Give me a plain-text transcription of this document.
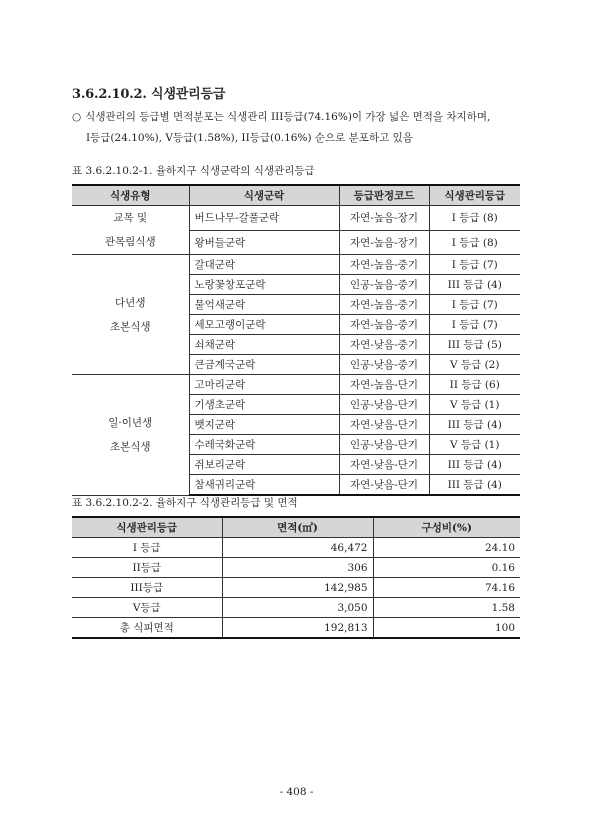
3.6.2.10.2. 식생관리등급
○ 식생관리의 등급별 면적분포는 식생관리 III등급(74.16%)이 가장 넓은 면적을 차지하며,
I등급(24.10%), V등급(1.58%), II등급(0.16%) 순으로 분포하고 있음
표 3.6.2.10.2-1. 율하지구 식생군락의 식생관리등급
식생유형	식생군락	등급판정코드	식생관리등급

교목 및
관목림식생	버드나무-갈풀군락	자연-높음-장기	I 등급 (8)
	왕버들군락	자연-높음-장기	I 등급 (8)

다년생
초본식생	갈대군락	자연-높음-중기	I 등급 (7)
	노랑꽃창포군락	인공-높음-중기	III 등급 (4)
	물억새군락	자연-높음-중기	I 등급 (7)
	세모고랭이군락	자연-높음-중기	I 등급 (7)
	쇠채군락	자연-낮음-중기	III 등급 (5)
	큰금계국군락	인공-낮음-중기	V 등급 (2)

일·이년생
초본식생	고마리군락	자연-높음-단기	II 등급 (6)
	기생초군락	인공-낮음-단기	V 등급 (1)
	뱃지군락	자연-낮음-단기	III 등급 (4)
	수레국화군락	인공-낮음-단기	V 등급 (1)
	쥐보리군락	자연-낮음-단기	III 등급 (4)
	참새귀리군락	자연-낮음-단기	III 등급 (4)
표 3.6.2.10.2-2. 율하지구 식생관리등급 및 면적
식생관리등급	면적(㎡)	구성비(%)
I 등급	46,472	24.10
II등급	306	0.16
III등급	142,985	74.16
V등급	3,050	1.58
총 식피면적	192,813	100
- 408 -
